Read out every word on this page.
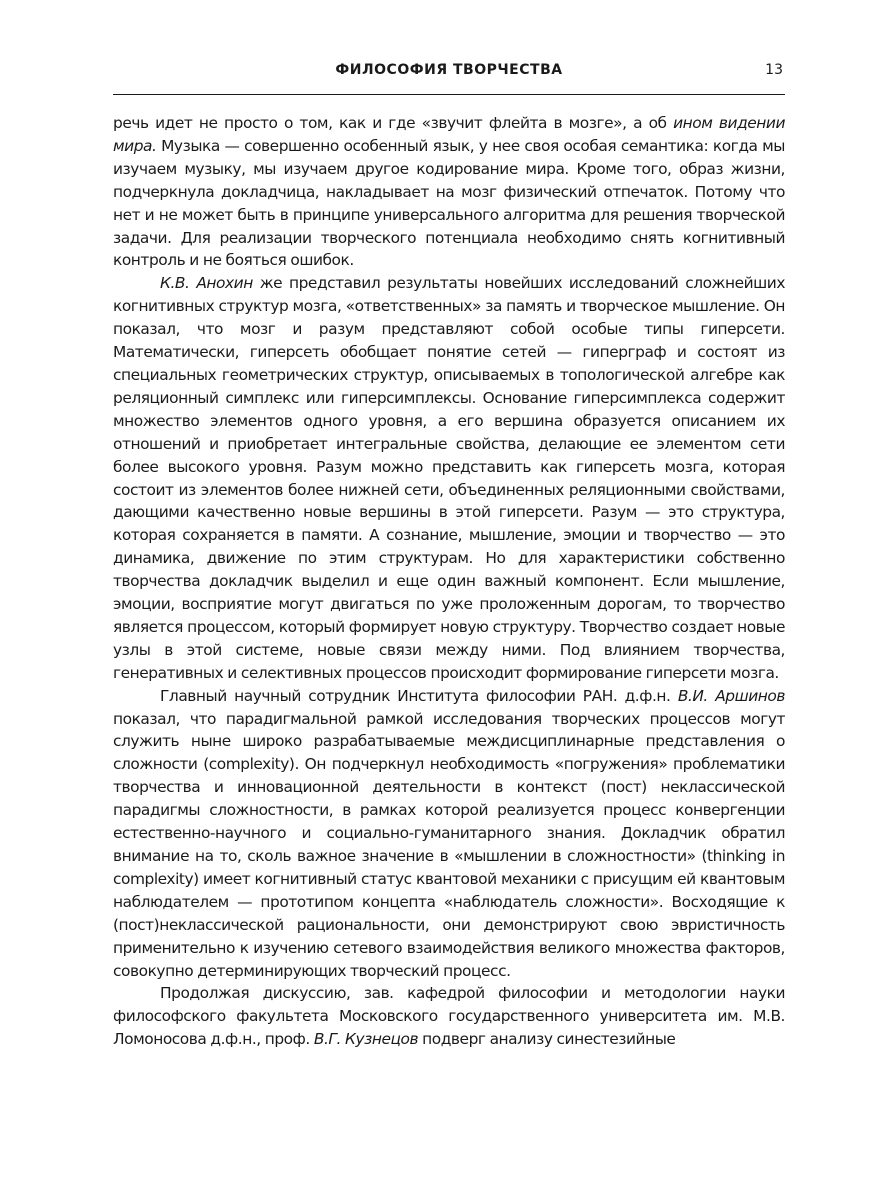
ФИЛОСОФИЯ ТВОРЧЕСТВА	13

речь идет не просто о том, как и где «звучит флейта в мозге», а об ином видении мира. Музыка — совершенно особенный язык, у нее своя особая семантика: когда мы изучаем музыку, мы изучаем другое кодирование мира. Кроме того, образ жизни, подчеркнула докладчица, накладывает на мозг физический отпечаток. Потому что нет и не может быть в принципе универсального алгоритма для решения творческой задачи. Для реализации творческого потенциала необходимо снять когнитивный контроль и не бояться ошибок.

К.В. Анохин же представил результаты новейших исследований сложнейших когнитивных структур мозга, «ответственных» за память и творческое мышление. Он показал, что мозг и разум представляют собой особые типы гиперсети. Математически, гиперсеть обобщает понятие сетей — гиперграф и состоят из специальных геометрических структур, описываемых в топологической алгебре как реляционный симплекс или гиперсимплексы. Основание гиперсимплекса содержит множество элементов одного уровня, а его вершина образуется описанием их отношений и приобретает интегральные свойства, делающие ее элементом сети более высокого уровня. Разум можно представить как гиперсеть мозга, которая состоит из элементов более нижней сети, объединенных реляционными свойствами, дающими качественно новые вершины в этой гиперсети. Разум — это структура, которая сохраняется в памяти. А сознание, мышление, эмоции и творчество — это динамика, движение по этим структурам. Но для характеристики собственно творчества докладчик выделил и еще один важный компонент. Если мышление, эмоции, восприятие могут двигаться по уже проложенным дорогам, то творчество является процессом, который формирует новую структуру. Творчество создает новые узлы в этой системе, новые связи между ними. Под влиянием творчества, генеративных и селективных процессов происходит формирование гиперсети мозга.

Главный научный сотрудник Института философии РАН. д.ф.н. В.И. Аршинов показал, что парадигмальной рамкой исследования творческих процессов могут служить ныне широко разрабатываемые междисциплинарные представления о сложности (complexity). Он подчеркнул необходимость «погружения» проблематики творчества и инновационной деятельности в контекст (пост) неклассической парадигмы сложностности, в рамках которой реализуется процесс конвергенции естественно-научного и социально-гуманитарного знания. Докладчик обратил внимание на то, сколь важное значение в «мышлении в сложностности» (thinking in complexity) имеет когнитивный статус квантовой механики с присущим ей квантовым наблюдателем — прототипом концепта «наблюдатель сложности». Восходящие к (пост)неклассической рациональности, они демонстрируют свою эвристичность применительно к изучению сетевого взаимодействия великого множества факторов, совокупно детерминирующих творческий процесс.

Продолжая дискуссию, зав. кафедрой философии и методологии науки философского факультета Московского государственного университета им. М.В. Ломоносова д.ф.н., проф. В.Г. Кузнецов подверг анализу синестезийные
